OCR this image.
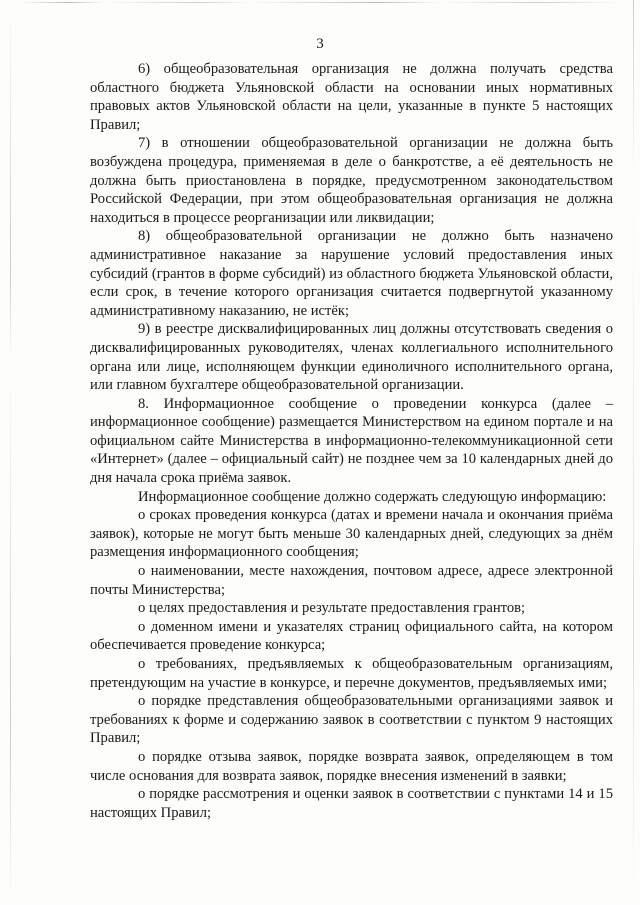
3

6) общеобразовательная организация не должна получать средства областного бюджета Ульяновской области на основании иных нормативных правовых актов Ульяновской области на цели, указанные в пункте 5 настоящих Правил;

7) в отношении общеобразовательной организации не должна быть возбуждена процедура, применяемая в деле о банкротстве, а её деятельность не должна быть приостановлена в порядке, предусмотренном законодательством Российской Федерации, при этом общеобразовательная организация не должна находиться в процессе реорганизации или ликвидации;

8) общеобразовательной организации не должно быть назначено административное наказание за нарушение условий предоставления иных субсидий (грантов в форме субсидий) из областного бюджета Ульяновской области, если срок, в течение которого организация считается подвергнутой указанному административному наказанию, не истёк;

9) в реестре дисквалифицированных лиц должны отсутствовать сведения о дисквалифицированных руководителях, членах коллегиального исполнительного органа или лице, исполняющем функции единоличного исполнительного органа, или главном бухгалтере общеобразовательной организации.

8. Информационное сообщение о проведении конкурса (далее – информационное сообщение) размещается Министерством на едином портале и на официальном сайте Министерства в информационно-телекоммуникационной сети «Интернет» (далее – официальный сайт) не позднее чем за 10 календарных дней до дня начала срока приёма заявок.

Информационное сообщение должно содержать следующую информацию:

о сроках проведения конкурса (датах и времени начала и окончания приёма заявок), которые не могут быть меньше 30 календарных дней, следующих за днём размещения информационного сообщения;

о наименовании, месте нахождения, почтовом адресе, адресе электронной почты Министерства;

о целях предоставления и результате предоставления грантов;

о доменном имени и указателях страниц официального сайта, на котором обеспечивается проведение конкурса;

о требованиях, предъявляемых к общеобразовательным организациям, претендующим на участие в конкурсе, и перечне документов, предъявляемых ими;

о порядке представления общеобразовательными организациями заявок и требованиях к форме и содержанию заявок в соответствии с пунктом 9 настоящих Правил;

о порядке отзыва заявок, порядке возврата заявок, определяющем в том числе основания для возврата заявок, порядке внесения изменений в заявки;

о порядке рассмотрения и оценки заявок в соответствии с пунктами 14 и 15 настоящих Правил;
